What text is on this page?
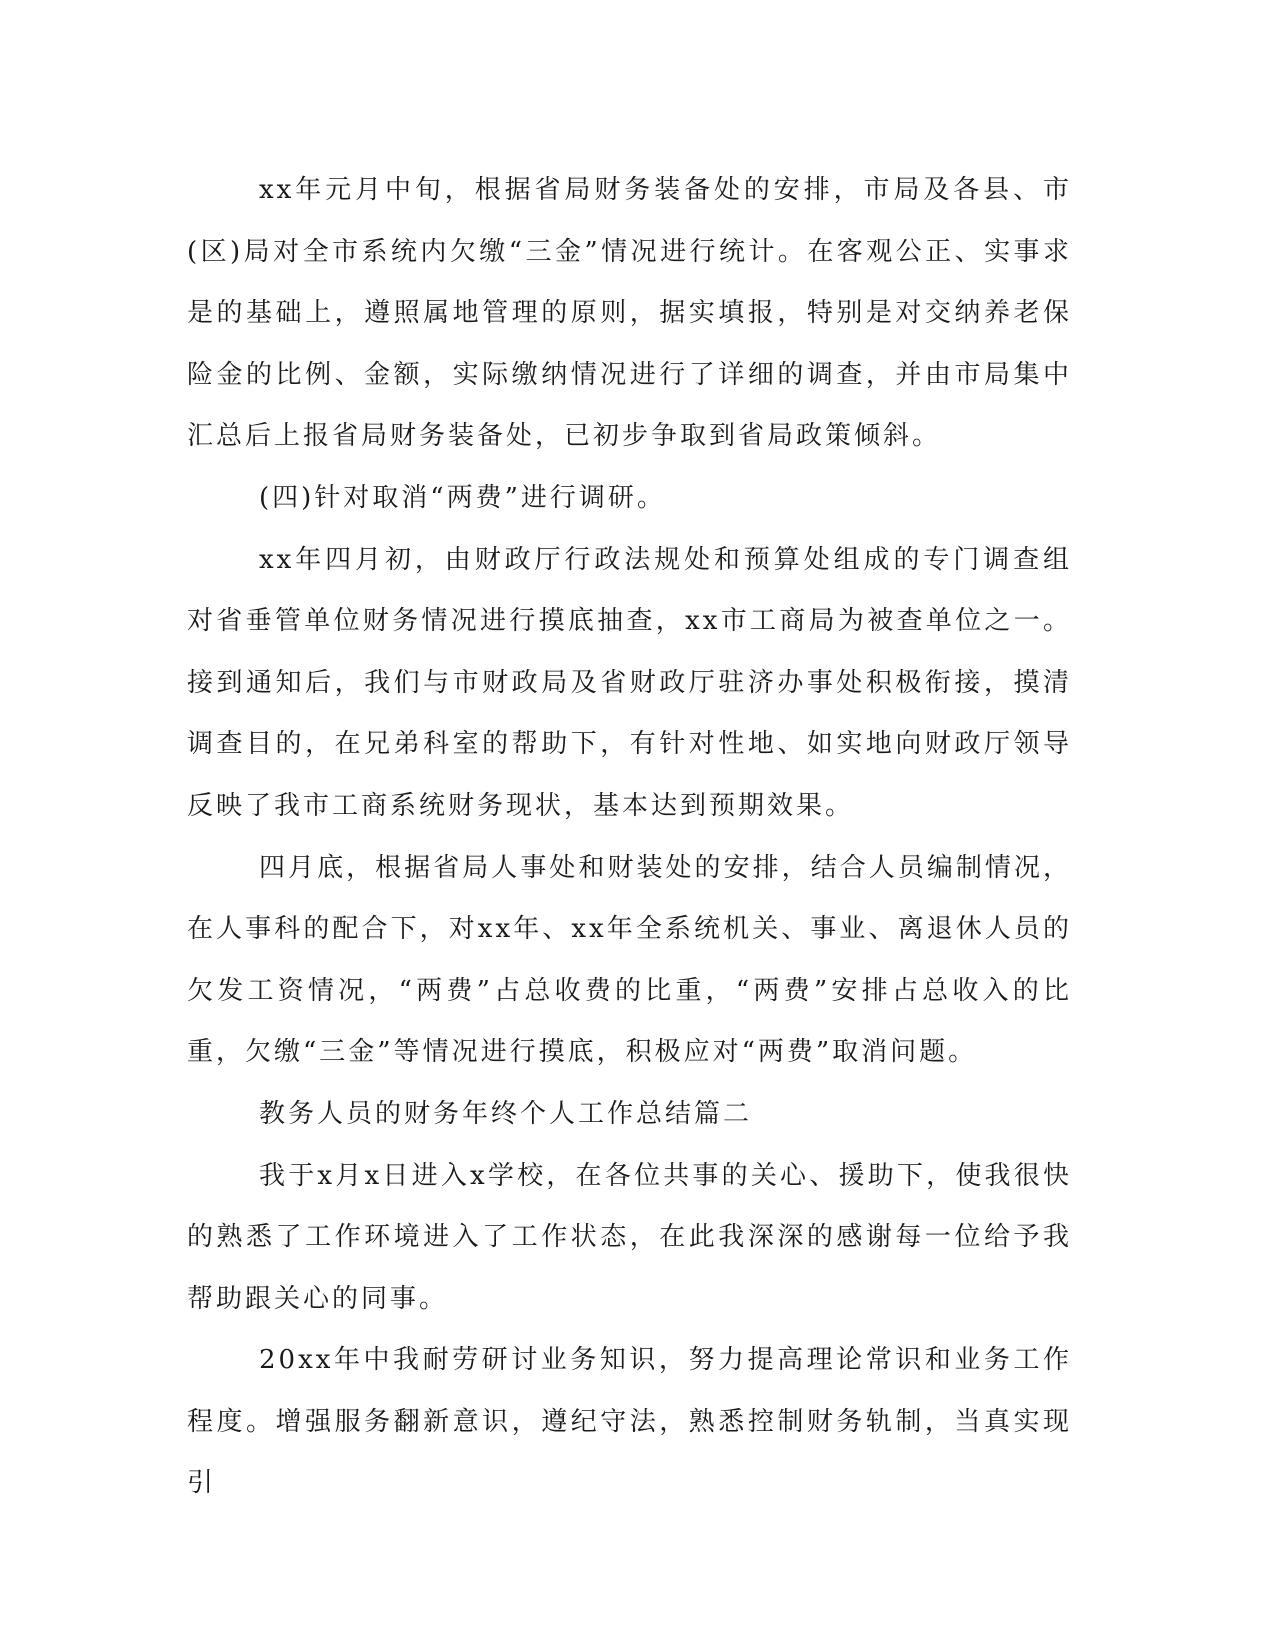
xx年元月中旬，根据省局财务装备处的安排，市局及各县、市(区)局对全市系统内欠缴“三金”情况进行统计。在客观公正、实事求是的基础上，遵照属地管理的原则，据实填报，特别是对交纳养老保险金的比例、金额，实际缴纳情况进行了详细的调查，并由市局集中汇总后上报省局财务装备处，已初步争取到省局政策倾斜。

(四)针对取消“两费”进行调研。

xx年四月初，由财政厅行政法规处和预算处组成的专门调查组对省垂管单位财务情况进行摸底抽查，xx市工商局为被查单位之一。接到通知后，我们与市财政局及省财政厅驻济办事处积极衔接，摸清调查目的，在兄弟科室的帮助下，有针对性地、如实地向财政厅领导反映了我市工商系统财务现状，基本达到预期效果。

四月底，根据省局人事处和财装处的安排，结合人员编制情况，在人事科的配合下，对xx年、xx年全系统机关、事业、离退休人员的欠发工资情况，“两费”占总收费的比重，“两费”安排占总收入的比重，欠缴“三金”等情况进行摸底，积极应对“两费”取消问题。

教务人员的财务年终个人工作总结篇二

我于x月x日进入x学校，在各位共事的关心、援助下，使我很快的熟悉了工作环境进入了工作状态，在此我深深的感谢每一位给予我帮助跟关心的同事。

20xx年中我耐劳研讨业务知识，努力提高理论常识和业务工作程度。增强服务翻新意识，遵纪守法，熟悉控制财务轨制，当真实现引
